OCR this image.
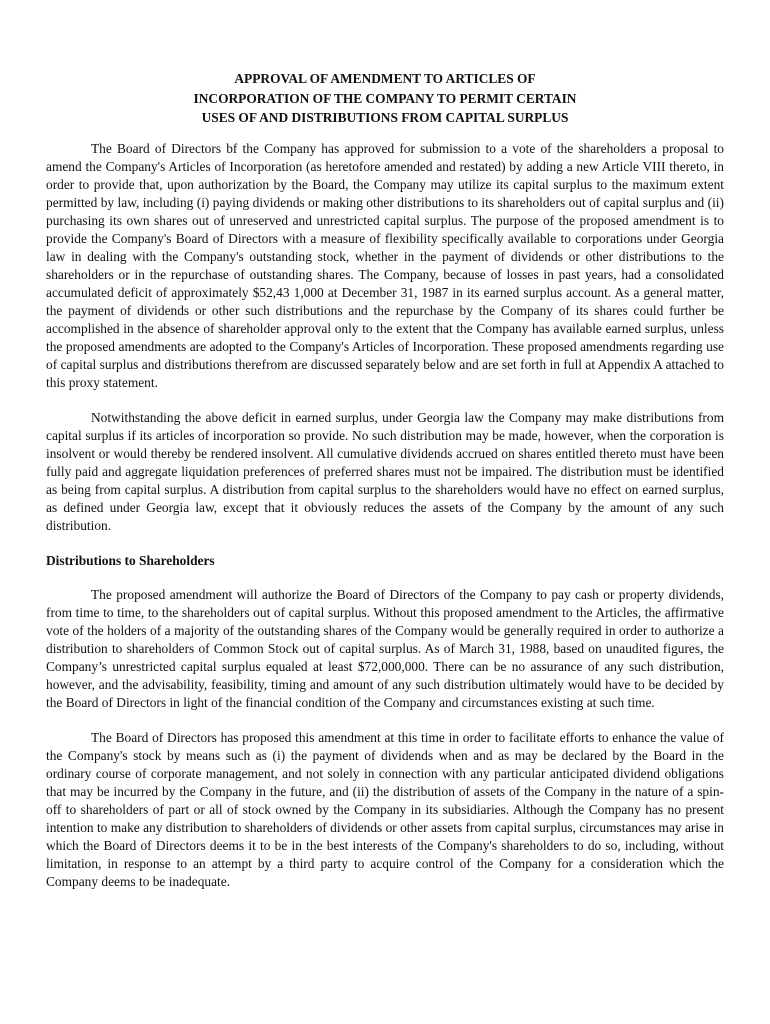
APPROVAL OF AMENDMENT TO ARTICLES OF
INCORPORATION OF THE COMPANY TO PERMIT CERTAIN
USES OF AND DISTRIBUTIONS FROM CAPITAL SURPLUS

The Board of Directors bf the Company has approved for submission to a vote of the shareholders a proposal to amend the Company's Articles of Incorporation (as heretofore amended and restated) by adding a new Article VIII thereto, in order to provide that, upon authorization by the Board, the Company may utilize its capital surplus to the maximum extent permitted by law, including (i) paying dividends or making other distributions to its shareholders out of capital surplus and (ii) purchasing its own shares out of unreserved and unrestricted capital surplus. The purpose of the proposed amendment is to provide the Company's Board of Directors with a measure of flexibility specifically available to corporations under Georgia law in dealing with the Company's outstanding stock, whether in the payment of dividends or other distributions to the shareholders or in the repurchase of outstanding shares. The Company, because of losses in past years, had a consolidated accumulated deficit of approximately $52,43 1,000 at December 31, 1987 in its earned surplus account. As a general matter, the payment of dividends or other such distributions and the repurchase by the Company of its shares could further be accomplished in the absence of shareholder approval only to the extent that the Company has available earned surplus, unless the proposed amendments are adopted to the Company's Articles of Incorporation. These proposed amendments regarding use of capital surplus and distributions therefrom are discussed separately below and are set forth in full at Appendix A attached to this proxy statement.

Notwithstanding the above deficit in earned surplus, under Georgia law the Company may make distributions from capital surplus if its articles of incorporation so provide. No such distribution may be made, however, when the corporation is insolvent or would thereby be rendered insolvent. All cumulative dividends accrued on shares entitled thereto must have been fully paid and aggregate liquidation preferences of preferred shares must not be impaired. The distribution must be identified as being from capital surplus. A distribution from capital surplus to the shareholders would have no effect on earned surplus, as defined under Georgia law, except that it obviously reduces the assets of the Company by the amount of any such distribution.

Distributions to Shareholders

The proposed amendment will authorize the Board of Directors of the Company to pay cash or property dividends, from time to time, to the shareholders out of capital surplus. Without this proposed amendment to the Articles, the affirmative vote of the holders of a majority of the outstanding shares of the Company would be generally required in order to authorize a distribution to shareholders of Common Stock out of capital surplus. As of March 31, 1988, based on unaudited figures, the Company’s unrestricted capital surplus equaled at least $72,000,000. There can be no assurance of any such distribution, however, and the advisability, feasibility, timing and amount of any such distribution ultimately would have to be decided by the Board of Directors in light of the financial condition of the Company and circumstances existing at such time.

The Board of Directors has proposed this amendment at this time in order to facilitate efforts to enhance the value of the Company's stock by means such as (i) the payment of dividends when and as may be declared by the Board in the ordinary course of corporate management, and not solely in connection with any particular anticipated dividend obligations that may be incurred by the Company in the future, and (ii) the distribution of assets of the Company in the nature of a spin-off to shareholders of part or all of stock owned by the Company in its subsidiaries. Although the Company has no present intention to make any distribution to shareholders of dividends or other assets from capital surplus, circumstances may arise in which the Board of Directors deems it to be in the best interests of the Company's shareholders to do so, including, without limitation, in response to an attempt by a third party to acquire control of the Company for a consideration which the Company deems to be inadequate.
